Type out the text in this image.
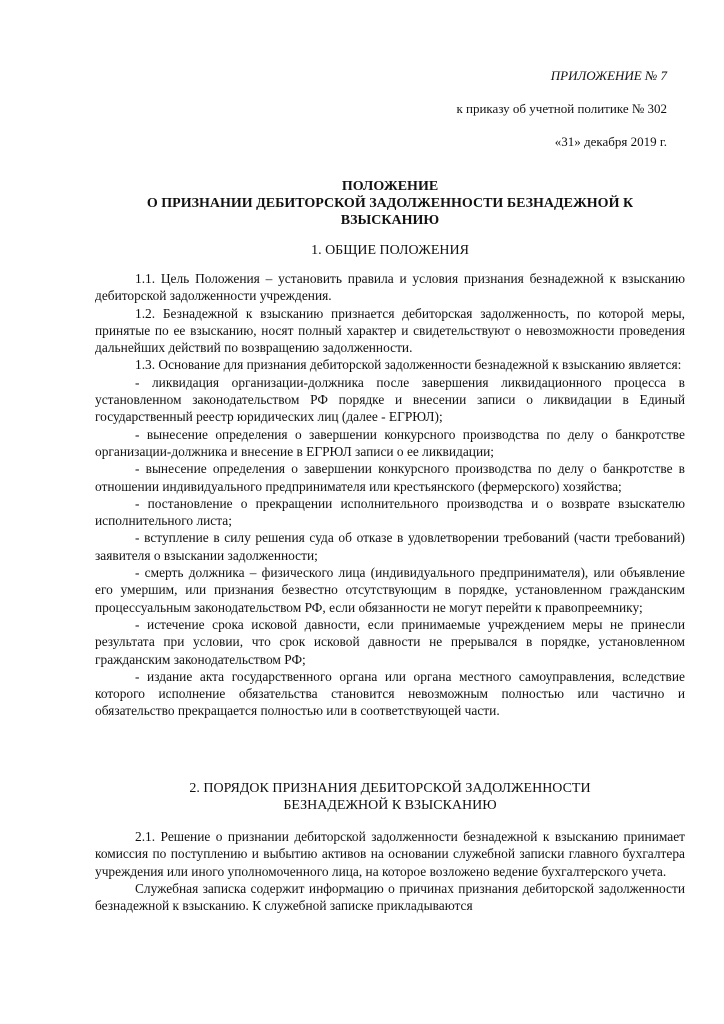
ПРИЛОЖЕНИЕ № 7
к приказу об учетной политике № 302
«31» декабря 2019 г.
ПОЛОЖЕНИЕ
О ПРИЗНАНИИ ДЕБИТОРСКОЙ ЗАДОЛЖЕННОСТИ БЕЗНАДЕЖНОЙ К
ВЗЫСКАНИЮ
1. ОБЩИЕ ПОЛОЖЕНИЯ

1.1. Цель Положения – установить правила и условия признания безнадежной к взысканию дебиторской задолженности учреждения.

1.2. Безнадежной к взысканию признается дебиторская задолженность, по которой меры, принятые по ее взысканию, носят полный характер и свидетельствуют о невозможности проведения дальнейших действий по возвращению задолженности.

1.3. Основание для признания дебиторской задолженности безнадежной к взысканию является:

- ликвидация организации-должника после завершения ликвидационного процесса в установленном законодательством РФ порядке и внесении записи о ликвидации в Единый государственный реестр юридических лиц (далее - ЕГРЮЛ);

- вынесение определения о завершении конкурсного производства по делу о банкротстве организации-должника и внесение в ЕГРЮЛ записи о ее ликвидации;

- вынесение определения о завершении конкурсного производства по делу о банкротстве в отношении индивидуального предпринимателя или крестьянского (фермерского) хозяйства;

- постановление о прекращении исполнительного производства и о возврате взыскателю исполнительного листа;

- вступление в силу решения суда об отказе в удовлетворении требований (части требований) заявителя о взыскании задолженности;

- смерть должника – физического лица (индивидуального предпринимателя), или объявление его умершим, или признания безвестно отсутствующим в порядке, установленном гражданским процессуальным законодательством РФ, если обязанности не могут перейти к правопреемнику;

- истечение срока исковой давности, если принимаемые учреждением меры не принесли результата при условии, что срок исковой давности не прерывался в порядке, установленном гражданским законодательством РФ;

- издание акта государственного органа или органа местного самоуправления, вследствие которого исполнение обязательства становится невозможным полностью или частично и обязательство прекращается полностью или в соответствующей части.

2. ПОРЯДОК ПРИЗНАНИЯ ДЕБИТОРСКОЙ ЗАДОЛЖЕННОСТИ
БЕЗНАДЕЖНОЙ К ВЗЫСКАНИЮ

2.1. Решение о признании дебиторской задолженности безнадежной к взысканию принимает комиссия по поступлению и выбытию активов на основании служебной записки главного бухгалтера учреждения или иного уполномоченного лица, на которое возложено ведение бухгалтерского учета.

Служебная записка содержит информацию о причинах признания дебиторской задолженности безнадежной к взысканию. К служебной записке прикладываются
